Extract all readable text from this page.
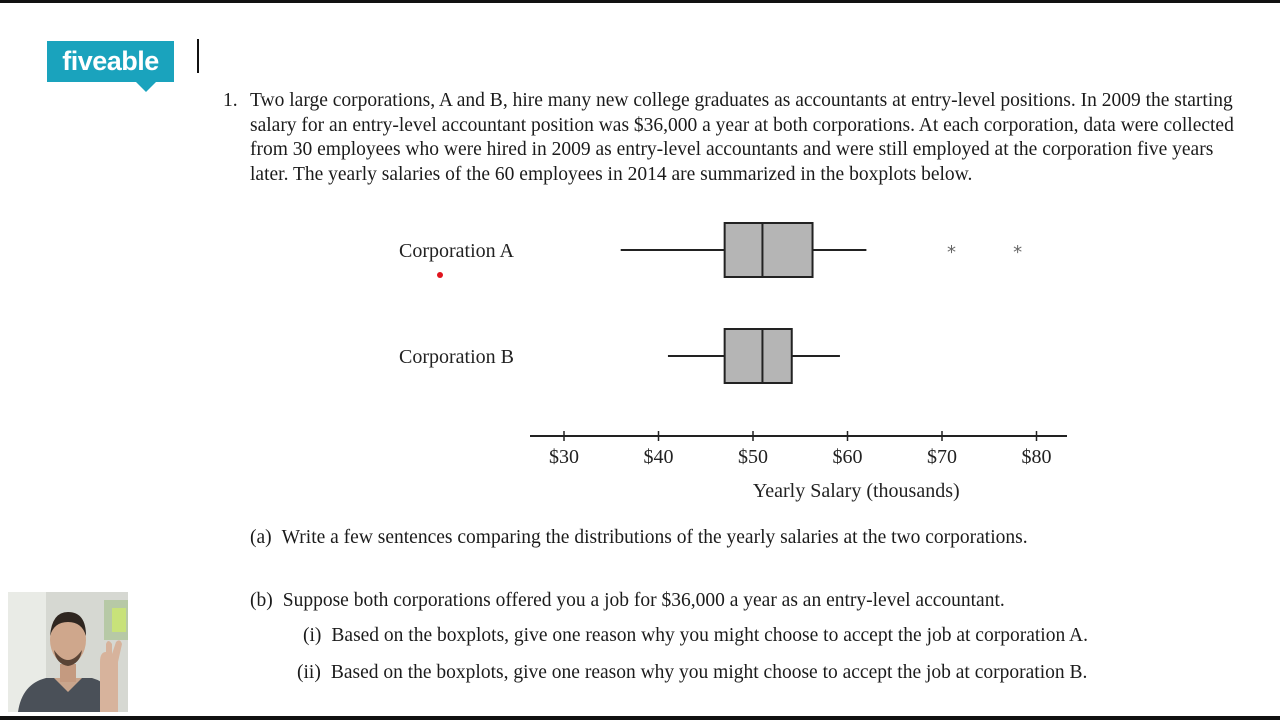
fiveable
1. Two large corporations, A and B, hire many new college graduates as accountants at entry-level positions. In 2009 the starting salary for an entry-level accountant position was $36,000 a year at both corporations. At each corporation, data were collected from 30 employees who were hired in 2009 as entry-level accountants and were still employed at the corporation five years later. The yearly salaries of the 60 employees in 2014 are summarized in the boxplots below.
$30	$40	$50	$60	$70	$80
Yearly Salary (thousands)
Corporation A	*	*
Corporation B
(a) Write a few sentences comparing the distributions of the yearly salaries at the two corporations.
(b) Suppose both corporations offered you a job for $36,000 a year as an entry-level accountant.
(i) Based on the boxplots, give one reason why you might choose to accept the job at corporation A.
(ii) Based on the boxplots, give one reason why you might choose to accept the job at corporation B.
